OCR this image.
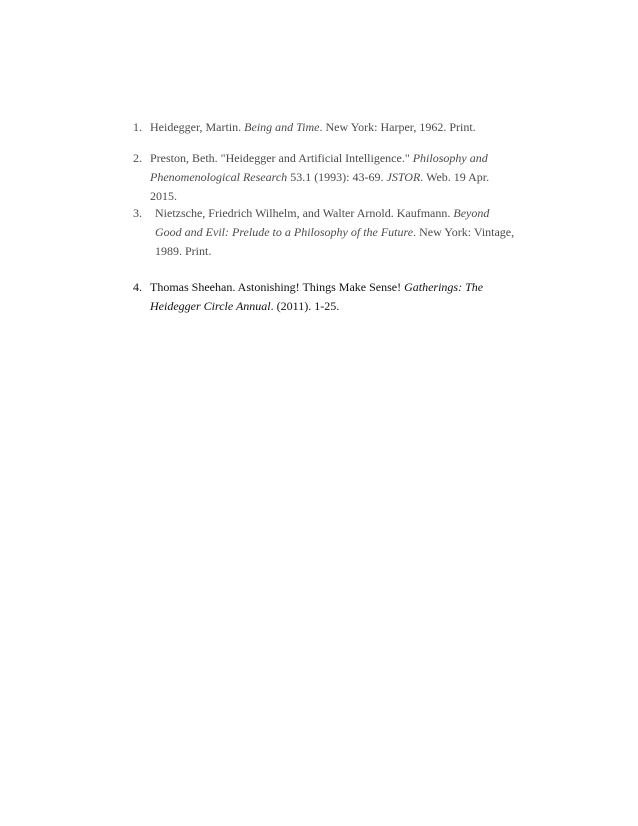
1. Heidegger, Martin. Being and Time. New York: Harper, 1962. Print.
2. Preston, Beth. "Heidegger and Artificial Intelligence." Philosophy and
Phenomenological Research 53.1 (1993): 43-69. JSTOR. Web. 19 Apr.
2015.
3. Nietzsche, Friedrich Wilhelm, and Walter Arnold. Kaufmann. Beyond
Good and Evil: Prelude to a Philosophy of the Future. New York: Vintage,
1989. Print.
4. Thomas Sheehan. Astonishing! Things Make Sense! Gatherings: The
Heidegger Circle Annual. (2011). 1-25.
